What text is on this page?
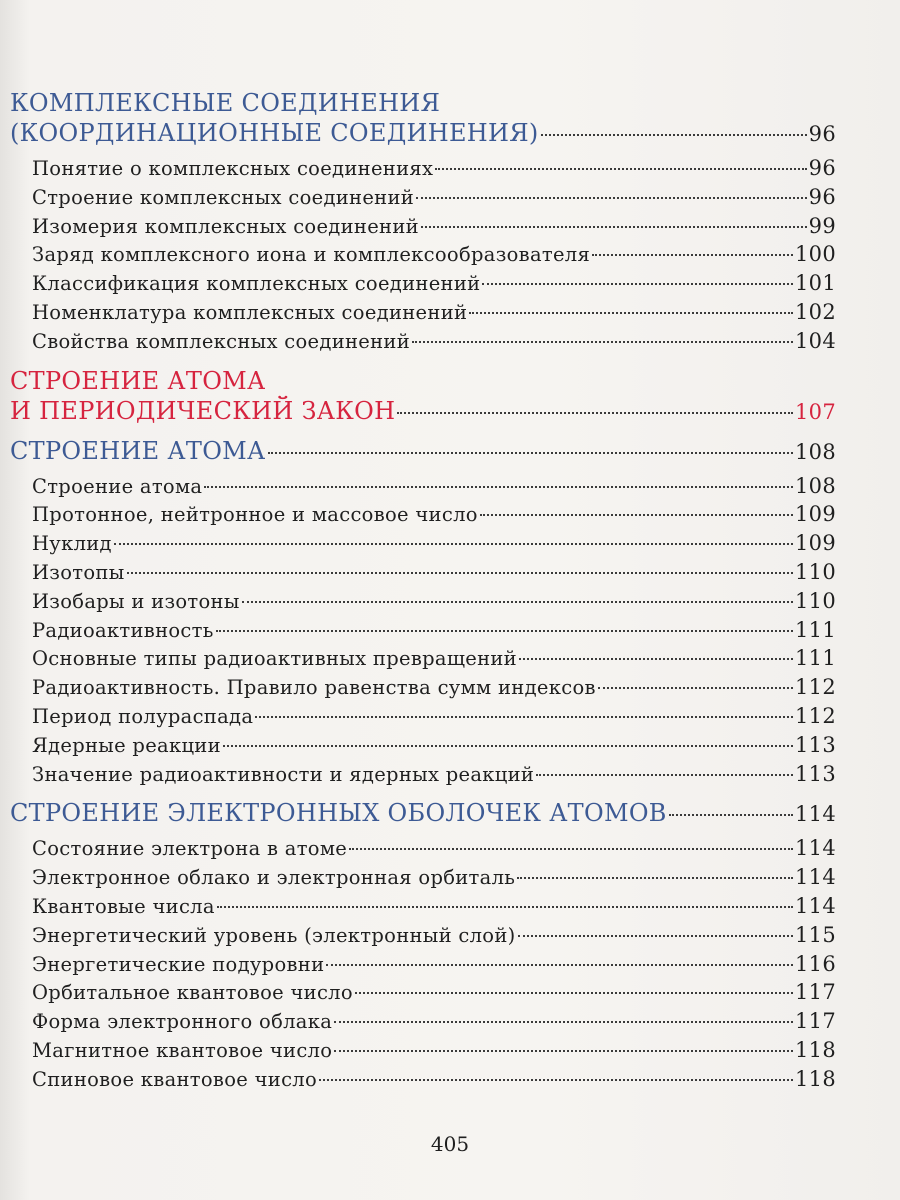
КОМПЛЕКСНЫЕ СОЕДИНЕНИЯ
(КООРДИНАЦИОННЫЕ СОЕДИНЕНИЯ)	96
Понятие о комплексных соединениях	96
Строение комплексных соединений	96
Изомерия комплексных соединений	99
Заряд комплексного иона и комплексообразователя	100
Классификация комплексных соединений	101
Номенклатура комплексных соединений	102
Свойства комплексных соединений	104
СТРОЕНИЕ АТОМА
И ПЕРИОДИЧЕСКИЙ ЗАКОН	107
СТРОЕНИЕ АТОМА	108
Строение атома	108
Протонное, нейтронное и массовое число	109
Нуклид	109
Изотопы	110
Изобары и изотоны	110
Радиоактивность	111
Основные типы радиоактивных превращений	111
Радиоактивность. Правило равенства сумм индексов	112
Период полураспада	112
Ядерные реакции	113
Значение радиоактивности и ядерных реакций	113
СТРОЕНИЕ ЭЛЕКТРОННЫХ ОБОЛОЧЕК АТОМОВ	114
Состояние электрона в атоме	114
Электронное облако и электронная орбиталь	114
Квантовые числа	114
Энергетический уровень (электронный слой)	115
Энергетические подуровни	116
Орбитальное квантовое число	117
Форма электронного облака	117
Магнитное квантовое число	118
Спиновое квантовое число	118
405
